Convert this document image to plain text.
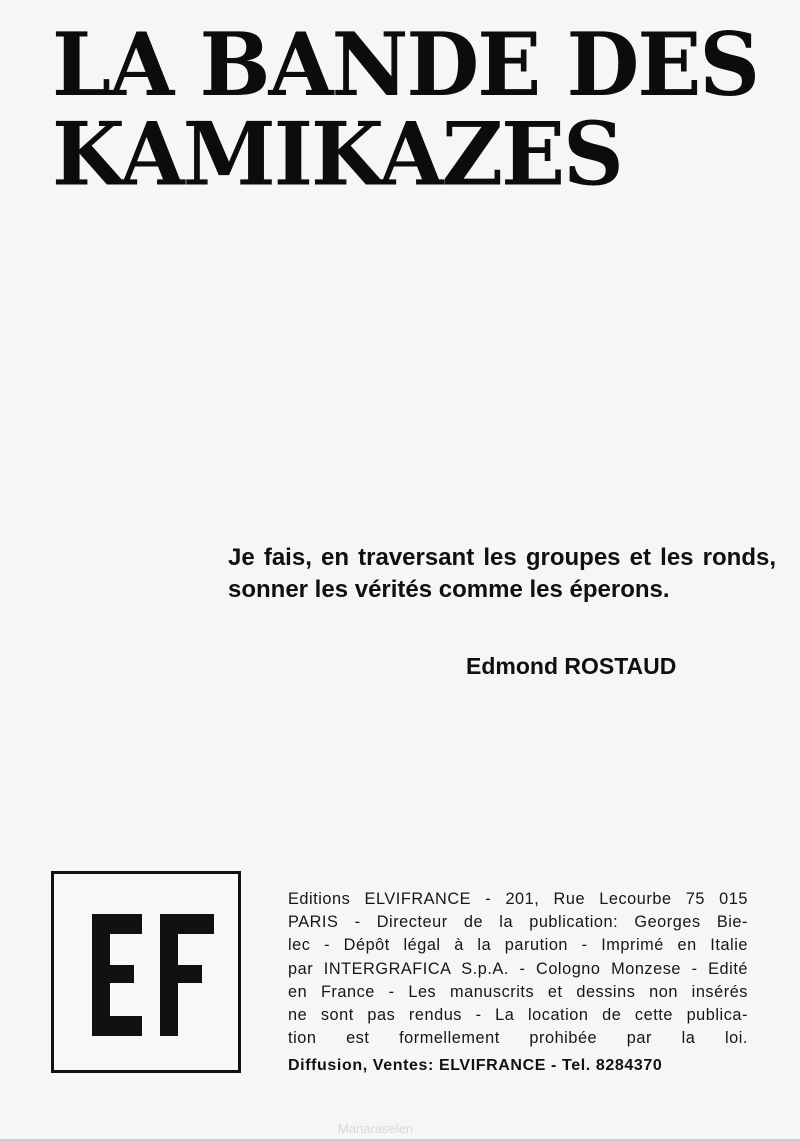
LA BANDE DES
KAMIKAZES

Je fais, en traversant les groupes et les ronds, sonner les vérités comme les éperons.

Edmond ROSTAUD
Editions ELVIFRANCE - 201, Rue Lecourbe 75 015
PARIS - Directeur de la publication: Georges Bie-
lec - Dépôt légal à la parution - Imprimé en Italie
par INTERGRAFICA S.p.A. - Cologno Monzese - Edité
en France - Les manuscrits et dessins non insérés
ne sont pas rendus - La location de cette publica-
tion est formellement prohibée par la loi.
Diffusion, Ventes: ELVIFRANCE - Tel. 8284370
Manaraselen
